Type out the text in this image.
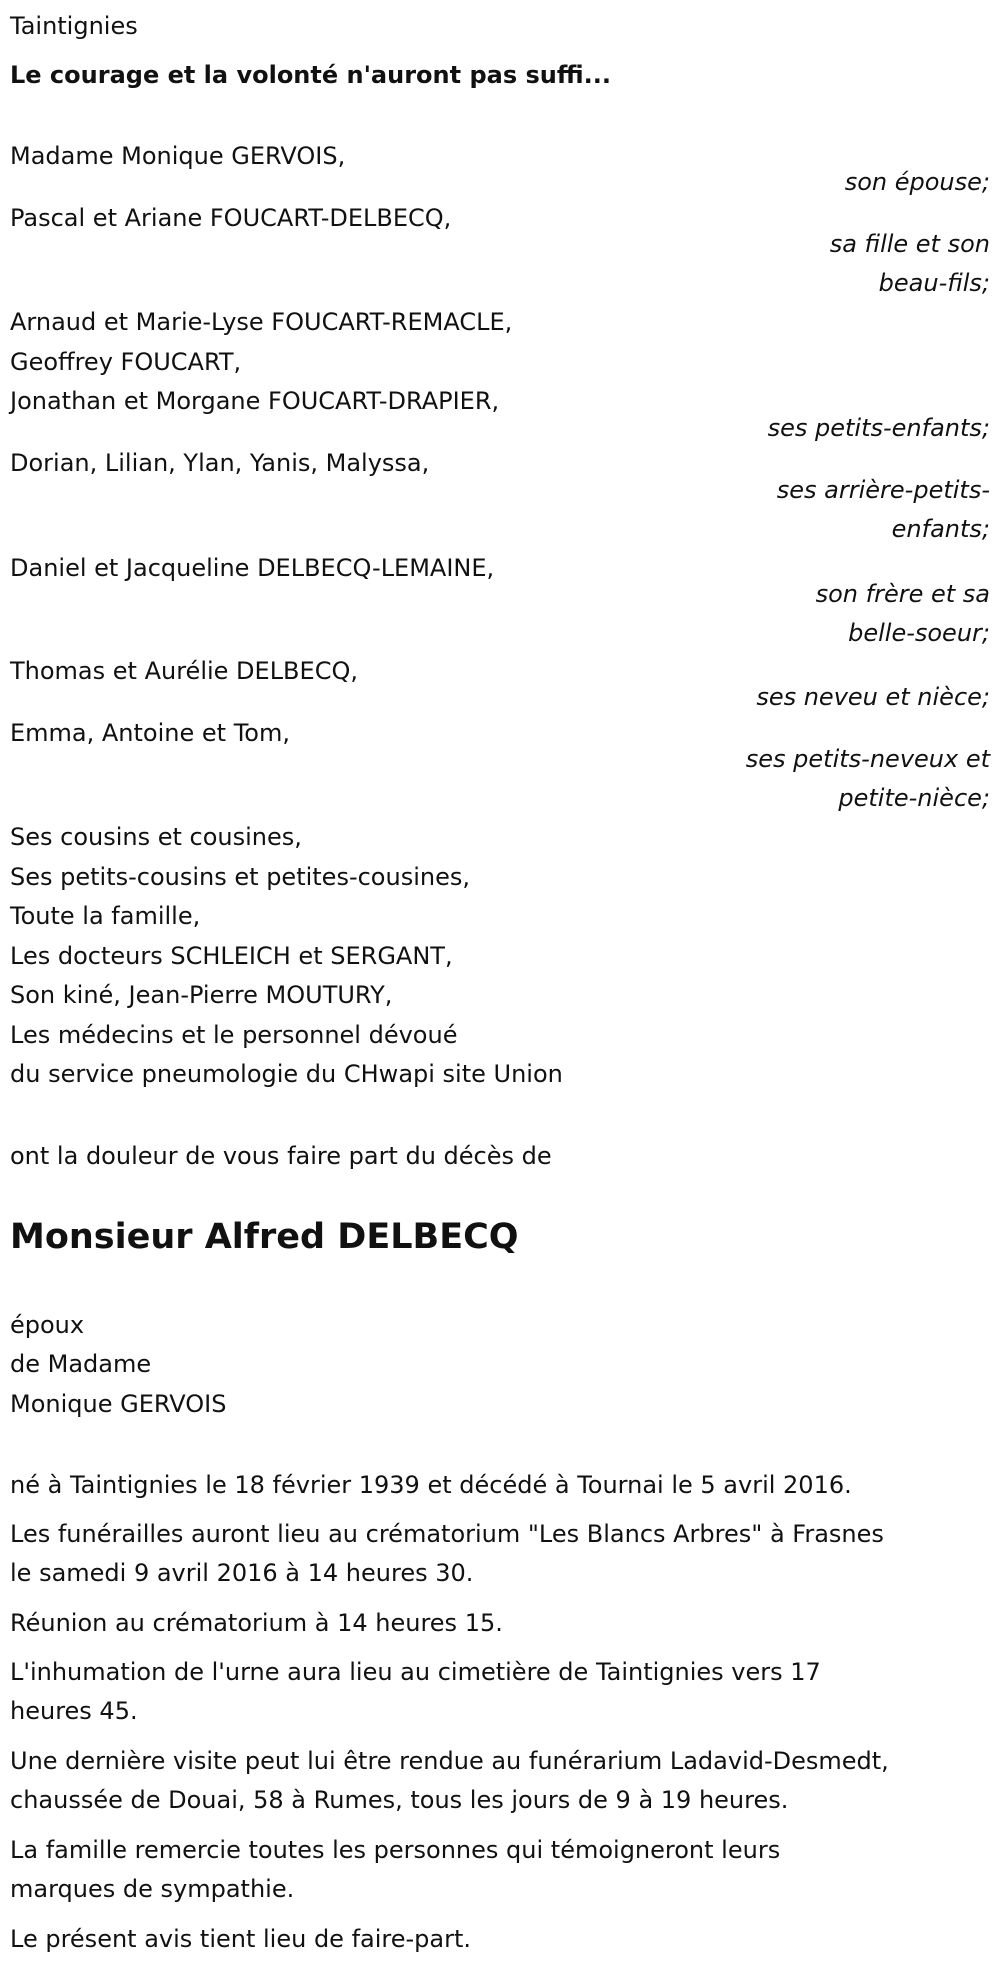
Taintignies

Le courage et la volonté n'auront pas suffi...

Madame Monique GERVOIS,

son épouse;

Pascal et Ariane FOUCART-DELBECQ,

sa fille et son

beau-fils;

Arnaud et Marie-Lyse FOUCART-REMACLE,

Geoffrey FOUCART,

Jonathan et Morgane FOUCART-DRAPIER,

ses petits-enfants;

Dorian, Lilian, Ylan, Yanis, Malyssa,

ses arrière-petits-

enfants;

Daniel et Jacqueline DELBECQ-LEMAINE,

son frère et sa

belle-soeur;

Thomas et Aurélie DELBECQ,

ses neveu et nièce;

Emma, Antoine et Tom,

ses petits-neveux et

petite-nièce;

Ses cousins et cousines,

Ses petits-cousins et petites-cousines,

Toute la famille,

Les docteurs SCHLEICH et SERGANT,

Son kiné, Jean-Pierre MOUTURY,

Les médecins et le personnel dévoué

du service pneumologie du CHwapi site Union

ont la douleur de vous faire part du décès de

Monsieur Alfred DELBECQ

époux

de Madame

Monique GERVOIS

né à Taintignies le 18 février 1939 et décédé à Tournai le 5 avril 2016.

Les funérailles auront lieu au crématorium "Les Blancs Arbres" à Frasnes

le samedi 9 avril 2016 à 14 heures 30.

Réunion au crématorium à 14 heures 15.

L'inhumation de l'urne aura lieu au cimetière de Taintignies vers 17

heures 45.

Une dernière visite peut lui être rendue au funérarium Ladavid-Desmedt,

chaussée de Douai, 58 à Rumes, tous les jours de 9 à 19 heures.

La famille remercie toutes les personnes qui témoigneront leurs

marques de sympathie.

Le présent avis tient lieu de faire-part.
